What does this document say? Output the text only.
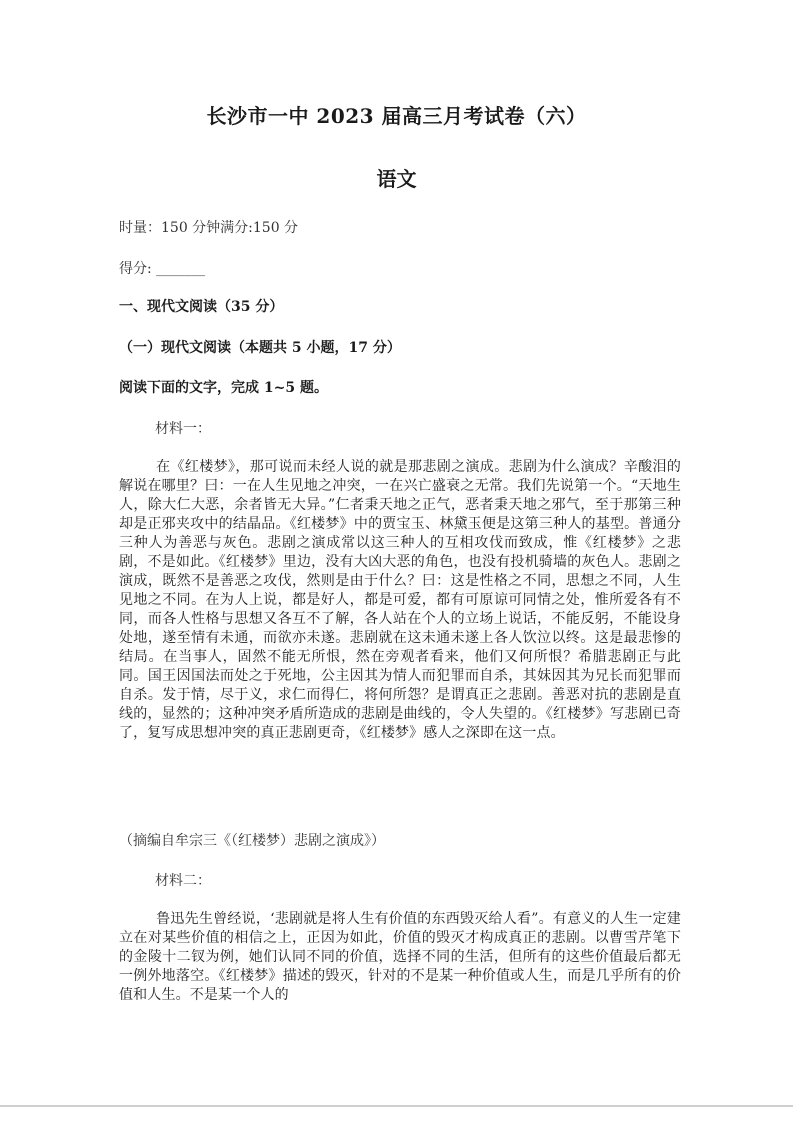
长沙市一中 2023 届高三月考试卷（六）
语文

时量：150 分钟满分:150 分

得分: _______

一、现代文阅读（35 分）

（一）现代文阅读（本题共 5 小题，17 分）

阅读下面的文字，完成 1~5 题。

材料一：

在《红楼梦》，那可说而未经人说的就是那悲剧之演成。悲剧为什么演成？辛酸泪的解说在哪里？曰：一在人生见地之冲突，一在兴亡盛衰之无常。我们先说第一个。“天地生人，除大仁大恶，余者皆无大异。”仁者秉天地之正气，恶者秉天地之邪气，至于那第三种却是正邪夹攻中的结晶品。《红楼梦》中的贾宝玉、林黛玉便是这第三种人的基型。普通分三种人为善恶与灰色。悲剧之演成常以这三种人的互相攻伐而致成，惟《红楼梦》之悲剧，不是如此。《红楼梦》里边，没有大凶大恶的角色，也没有投机骑墙的灰色人。悲剧之演成，既然不是善恶之攻伐，然则是由于什么？曰：这是性格之不同，思想之不同，人生见地之不同。在为人上说，都是好人，都是可爱，都有可原谅可同情之处，惟所爱各有不同，而各人性格与思想又各互不了解，各人站在个人的立场上说话，不能反躬，不能设身处地，遂至情有未通，而欲亦未遂。悲剧就在这未通未遂上各人饮泣以终。这是最悲惨的结局。在当事人，固然不能无所恨，然在旁观者看来，他们又何所恨？希腊悲剧正与此同。国王因国法而处之于死地，公主因其为情人而犯罪而自杀，其妹因其为兄长而犯罪而自杀。发于情，尽于义，求仁而得仁，将何所怨？是谓真正之悲剧。善恶对抗的悲剧是直线的，显然的；这种冲突矛盾所造成的悲剧是曲线的，令人失望的。《红楼梦》写悲剧已奇了，复写成思想冲突的真正悲剧更奇，《红楼梦》感人之深即在这一点。

（摘编自牟宗三《（红楼梦）悲剧之演成》）

材料二：

鲁迅先生曾经说，‘悲剧就是将人生有价值的东西毁灭给人看”。有意义的人生一定建立在对某些价值的相信之上，正因为如此，价值的毁灭才构成真正的悲剧。以曹雪芹笔下的金陵十二钗为例，她们认同不同的价值，选择不同的生活，但所有的这些价值最后都无一例外地落空。《红楼梦》描述的毁灭，针对的不是某一种价值或人生，而是几乎所有的价值和人生。不是某一个人的
